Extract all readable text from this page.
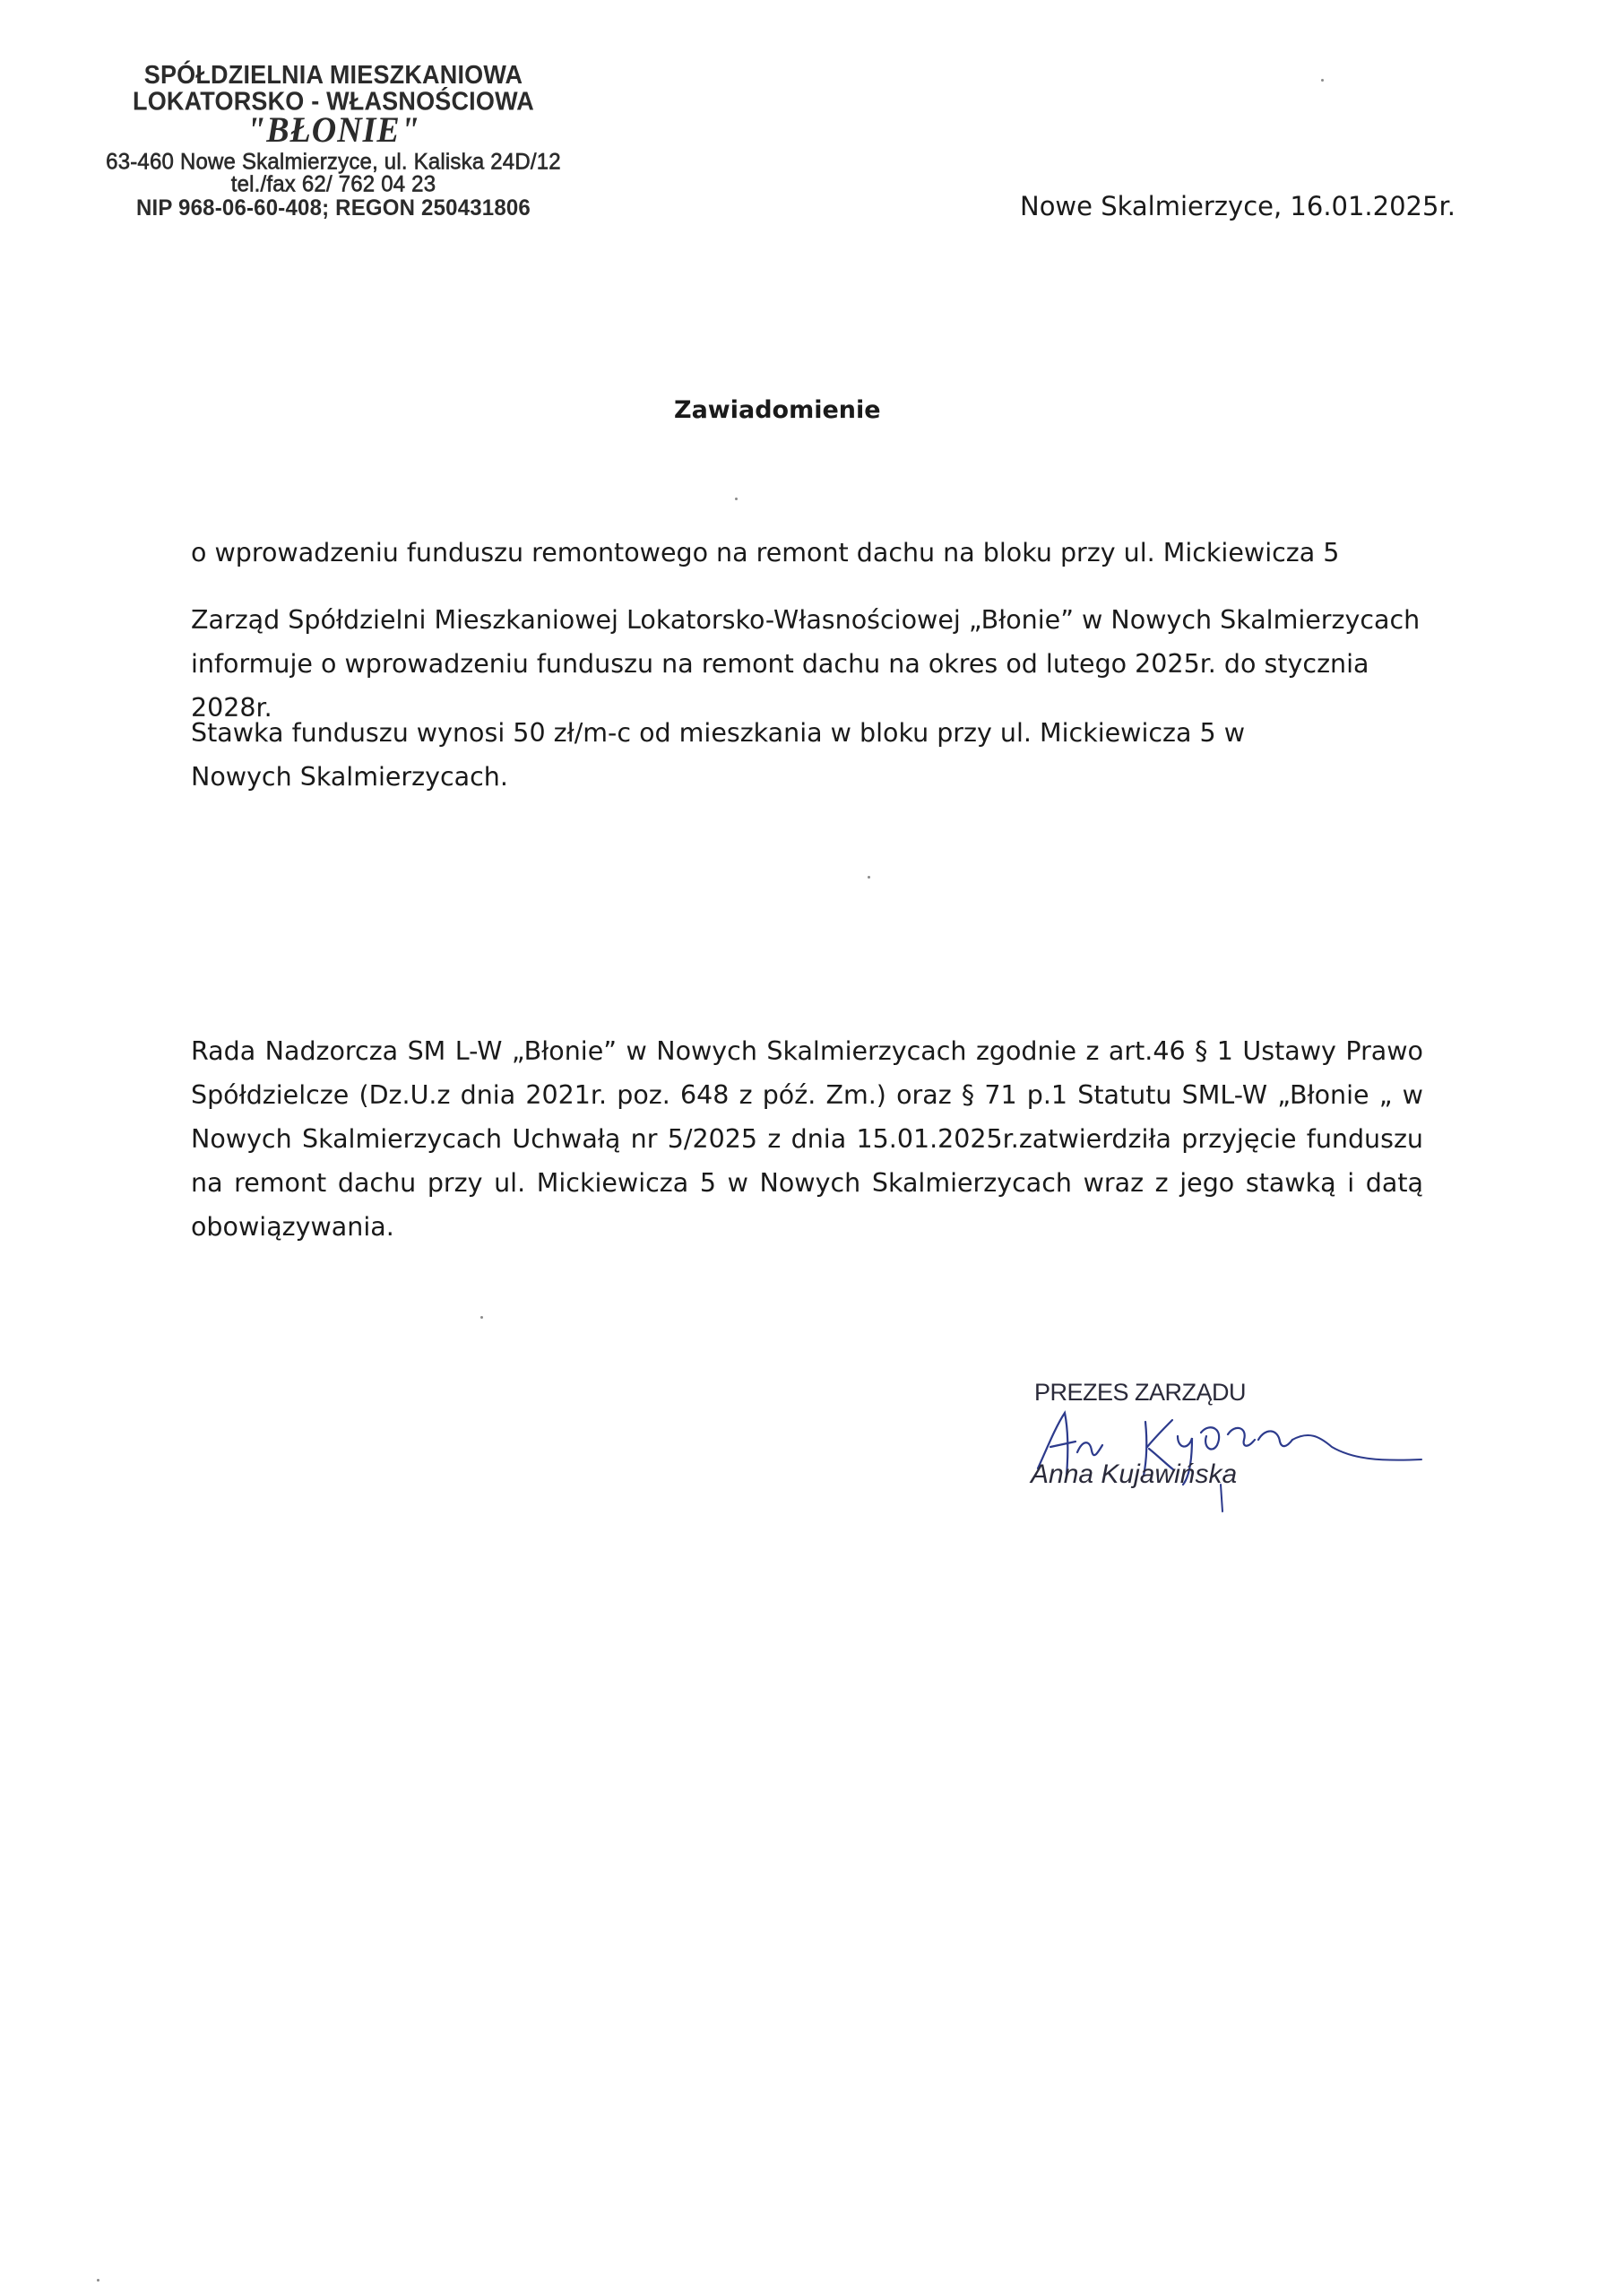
SPÓŁDZIELNIA MIESZKANIOWA
LOKATORSKO - WŁASNOŚCIOWA
"BŁONIE"
63-460 Nowe Skalmierzyce, ul. Kaliska 24D/12
tel./fax 62/ 762 04 23
NIP 968-06-60-408; REGON 250431806	Nowe Skalmierzyce, 16.01.2025r.
Zawiadomienie
o wprowadzeniu funduszu remontowego na remont dachu na bloku przy ul. Mickiewicza 5
Zarząd Spółdzielni Mieszkaniowej Lokatorsko-Własnościowej „Błonie” w Nowych Skalmierzycach informuje o wprowadzeniu funduszu na remont dachu na okres od lutego 2025r. do stycznia 2028r.
Stawka funduszu wynosi 50 zł/m-c od mieszkania w bloku przy ul. Mickiewicza 5 w Nowych Skalmierzycach.
Rada Nadzorcza SM L-W „Błonie” w Nowych Skalmierzycach zgodnie z art.46 § 1 Ustawy Prawo Spółdzielcze (Dz.U.z dnia 2021r. poz. 648 z póź. Zm.) oraz § 71 p.1 Statutu SML-W „Błonie „ w Nowych Skalmierzycach Uchwałą nr 5/2025 z dnia 15.01.2025r.zatwierdziła przyjęcie funduszu na remont dachu przy ul. Mickiewicza 5 w Nowych Skalmierzycach wraz z jego stawką i datą obowiązywania.
PREZES ZARZĄDU
Anna Kujawińska
